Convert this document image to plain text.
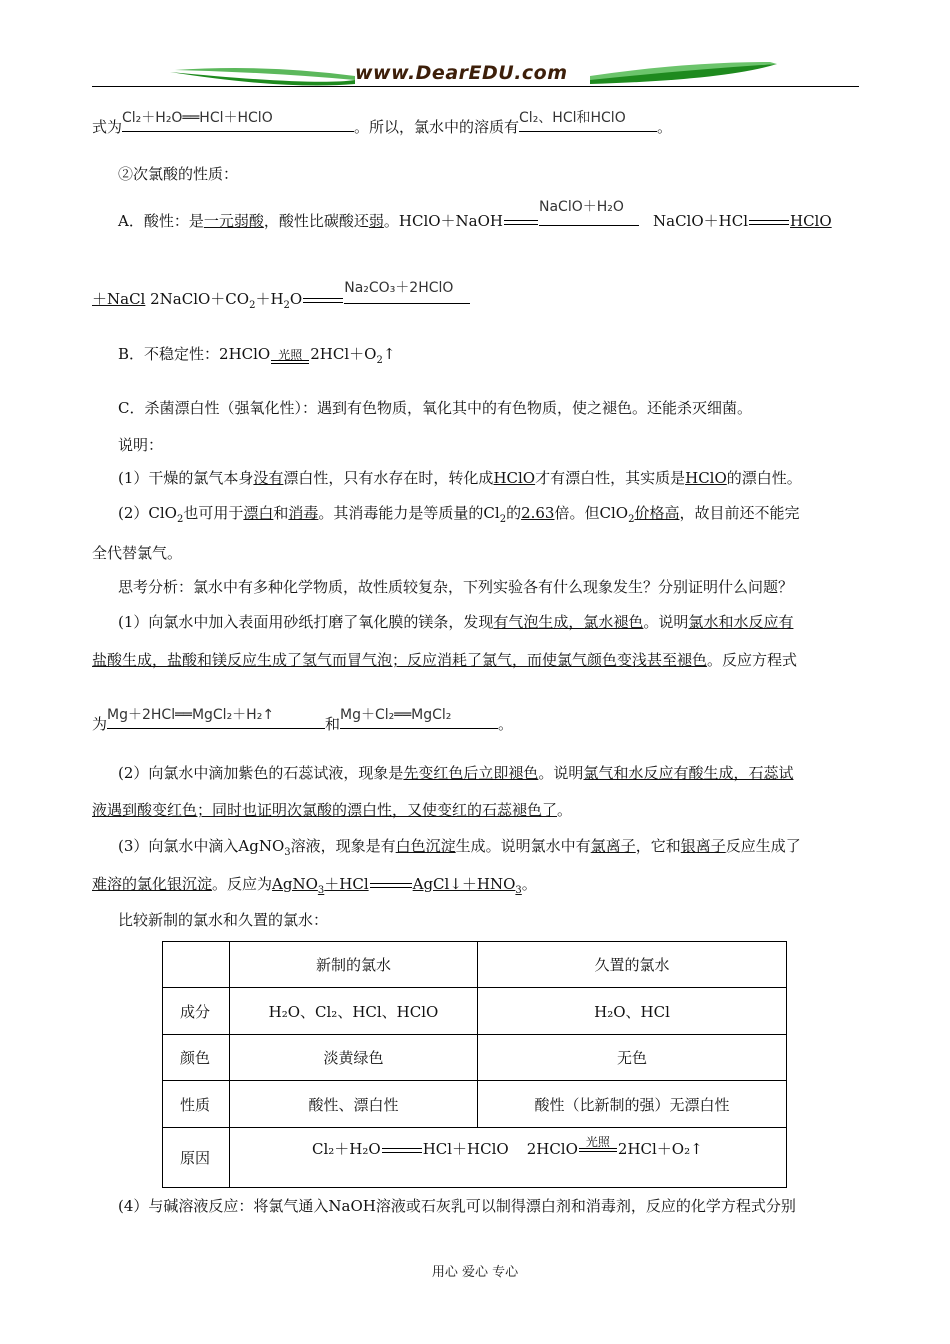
www.DearEDU.com
式为 Cl₂＋H₂O══HCl＋HClO	。所以，氯水中的溶质有 Cl₂、HCl和HClO 。
②次氯酸的性质：
A．酸性：是一元弱酸，酸性比碳酸还弱。HClO＋NaOH
NaClO＋H₂O
NaClO＋HCl	HClO
＋NaCl $2NaClO+CO_2+H_2O$
Na₂CO₃＋2HClO
B．不稳定性：2HClO 光照 $2HCl+O_2↑$
C．杀菌漂白性（强氧化性）：遇到有色物质，氧化其中的有色物质，使之褪色。还能杀灭细菌。
说明：
(1）干燥的氯气本身没有漂白性，只有水存在时，转化成HClO才有漂白性，其实质是HClO的漂白性。
(2）ClO$_2$也可用于漂白和消毒。其消毒能力是等质量的$Cl_2$的2.63倍。但ClO$_2$价格高，故目前还不能完
全代替氯气。
思考分析：氯水中有多种化学物质，故性质较复杂，下列实验各有什么现象发生？分别证明什么问题？
(1）向氯水中加入表面用砂纸打磨了氧化膜的镁条，发现有气泡生成，氯水褪色。说明氯水和水反应有
盐酸生成，盐酸和镁反应生成了氢气而冒气泡；反应消耗了氯气，而使氯气颜色变浅甚至褪色。反应方程式
为 Mg＋2HCl══MgCl₂＋H₂↑	和 Mg＋Cl₂══MgCl₂	。
(2）向氯水中滴加紫色的石蕊试液，现象是先变红色后立即褪色。说明氯气和水反应有酸生成，石蕊试
液遇到酸变红色；同时也证明次氯酸的漂白性，又使变红的石蕊褪色了。
(3）向氯水中滴入AgNO$_3$溶液，现象是有白色沉淀生成。说明氯水中有氯离子，它和银离子反应生成了
难溶的氯化银沉淀。反应为AgNO$_3$＋HCl	$AgCl↓+HNO_3$。
比较新制的氯水和久置的氯水：
	新制的氯水	久置的氯水
成分	H₂O、Cl₂、HCl、HClO	H₂O、HCl
颜色	淡黄绿色	无色
性质	酸性、漂白性	酸性（比新制的强）无漂白性
原因	Cl₂＋H₂O HCl＋HClO 2HClO 光照 2HCl＋O₂↑	
(4）与碱溶液反应：将氯气通入NaOH溶液或石灰乳可以制得漂白剂和消毒剂，反应的化学方程式分别
用心 爱心 专心
